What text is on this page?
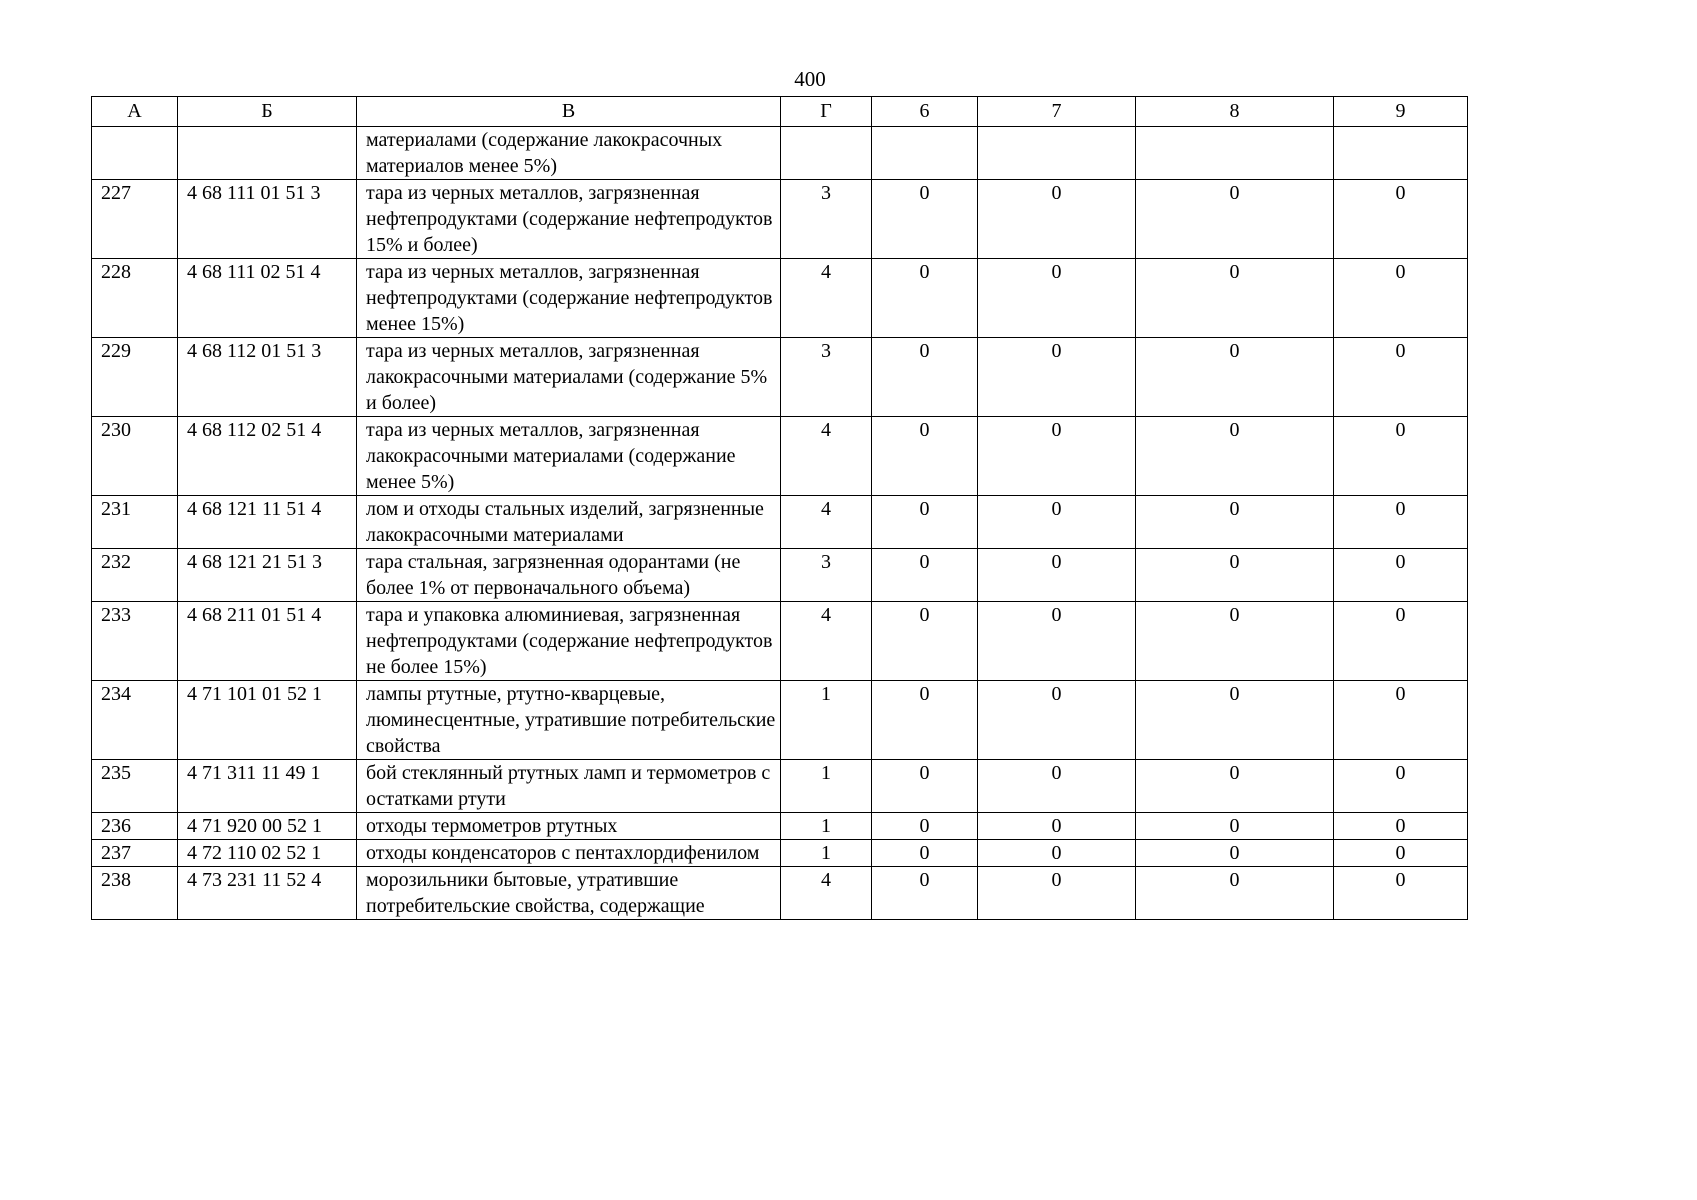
400
А	Б	В	Г	6	7	8	9
		материалами (содержание лакокрасочных материалов менее 5%)					
227	4 68 111 01 51 3	тара из черных металлов, загрязненная нефтепродуктами (содержание нефтепродуктов 15% и более)	3	0	0	0	0
228	4 68 111 02 51 4	тара из черных металлов, загрязненная нефтепродуктами (содержание нефтепродуктов менее 15%)	4	0	0	0	0
229	4 68 112 01 51 3	тара из черных металлов, загрязненная лакокрасочными материалами (содержание 5% и более)	3	0	0	0	0
230	4 68 112 02 51 4	тара из черных металлов, загрязненная лакокрасочными материалами (содержание менее 5%)	4	0	0	0	0
231	4 68 121 11 51 4	лом и отходы стальных изделий, загрязненные лакокрасочными материалами	4	0	0	0	0
232	4 68 121 21 51 3	тара стальная, загрязненная одорантами (не более 1% от первоначального объема)	3	0	0	0	0
233	4 68 211 01 51 4	тара и упаковка алюминиевая, загрязненная нефтепродуктами (содержание нефтепродуктов не более 15%)	4	0	0	0	0
234	4 71 101 01 52 1	лампы ртутные, ртутно-кварцевые, люминесцентные, утратившие потребительские свойства	1	0	0	0	0
235	4 71 311 11 49 1	бой стеклянный ртутных ламп и термометров с остатками ртути	1	0	0	0	0
236	4 71 920 00 52 1	отходы термометров ртутных	1	0	0	0	0
237	4 72 110 02 52 1	отходы конденсаторов с пентахлордифенилом	1	0	0	0	0
238	4 73 231 11 52 4	морозильники бытовые, утратившие потребительские свойства, содержащие	4	0	0	0	0
